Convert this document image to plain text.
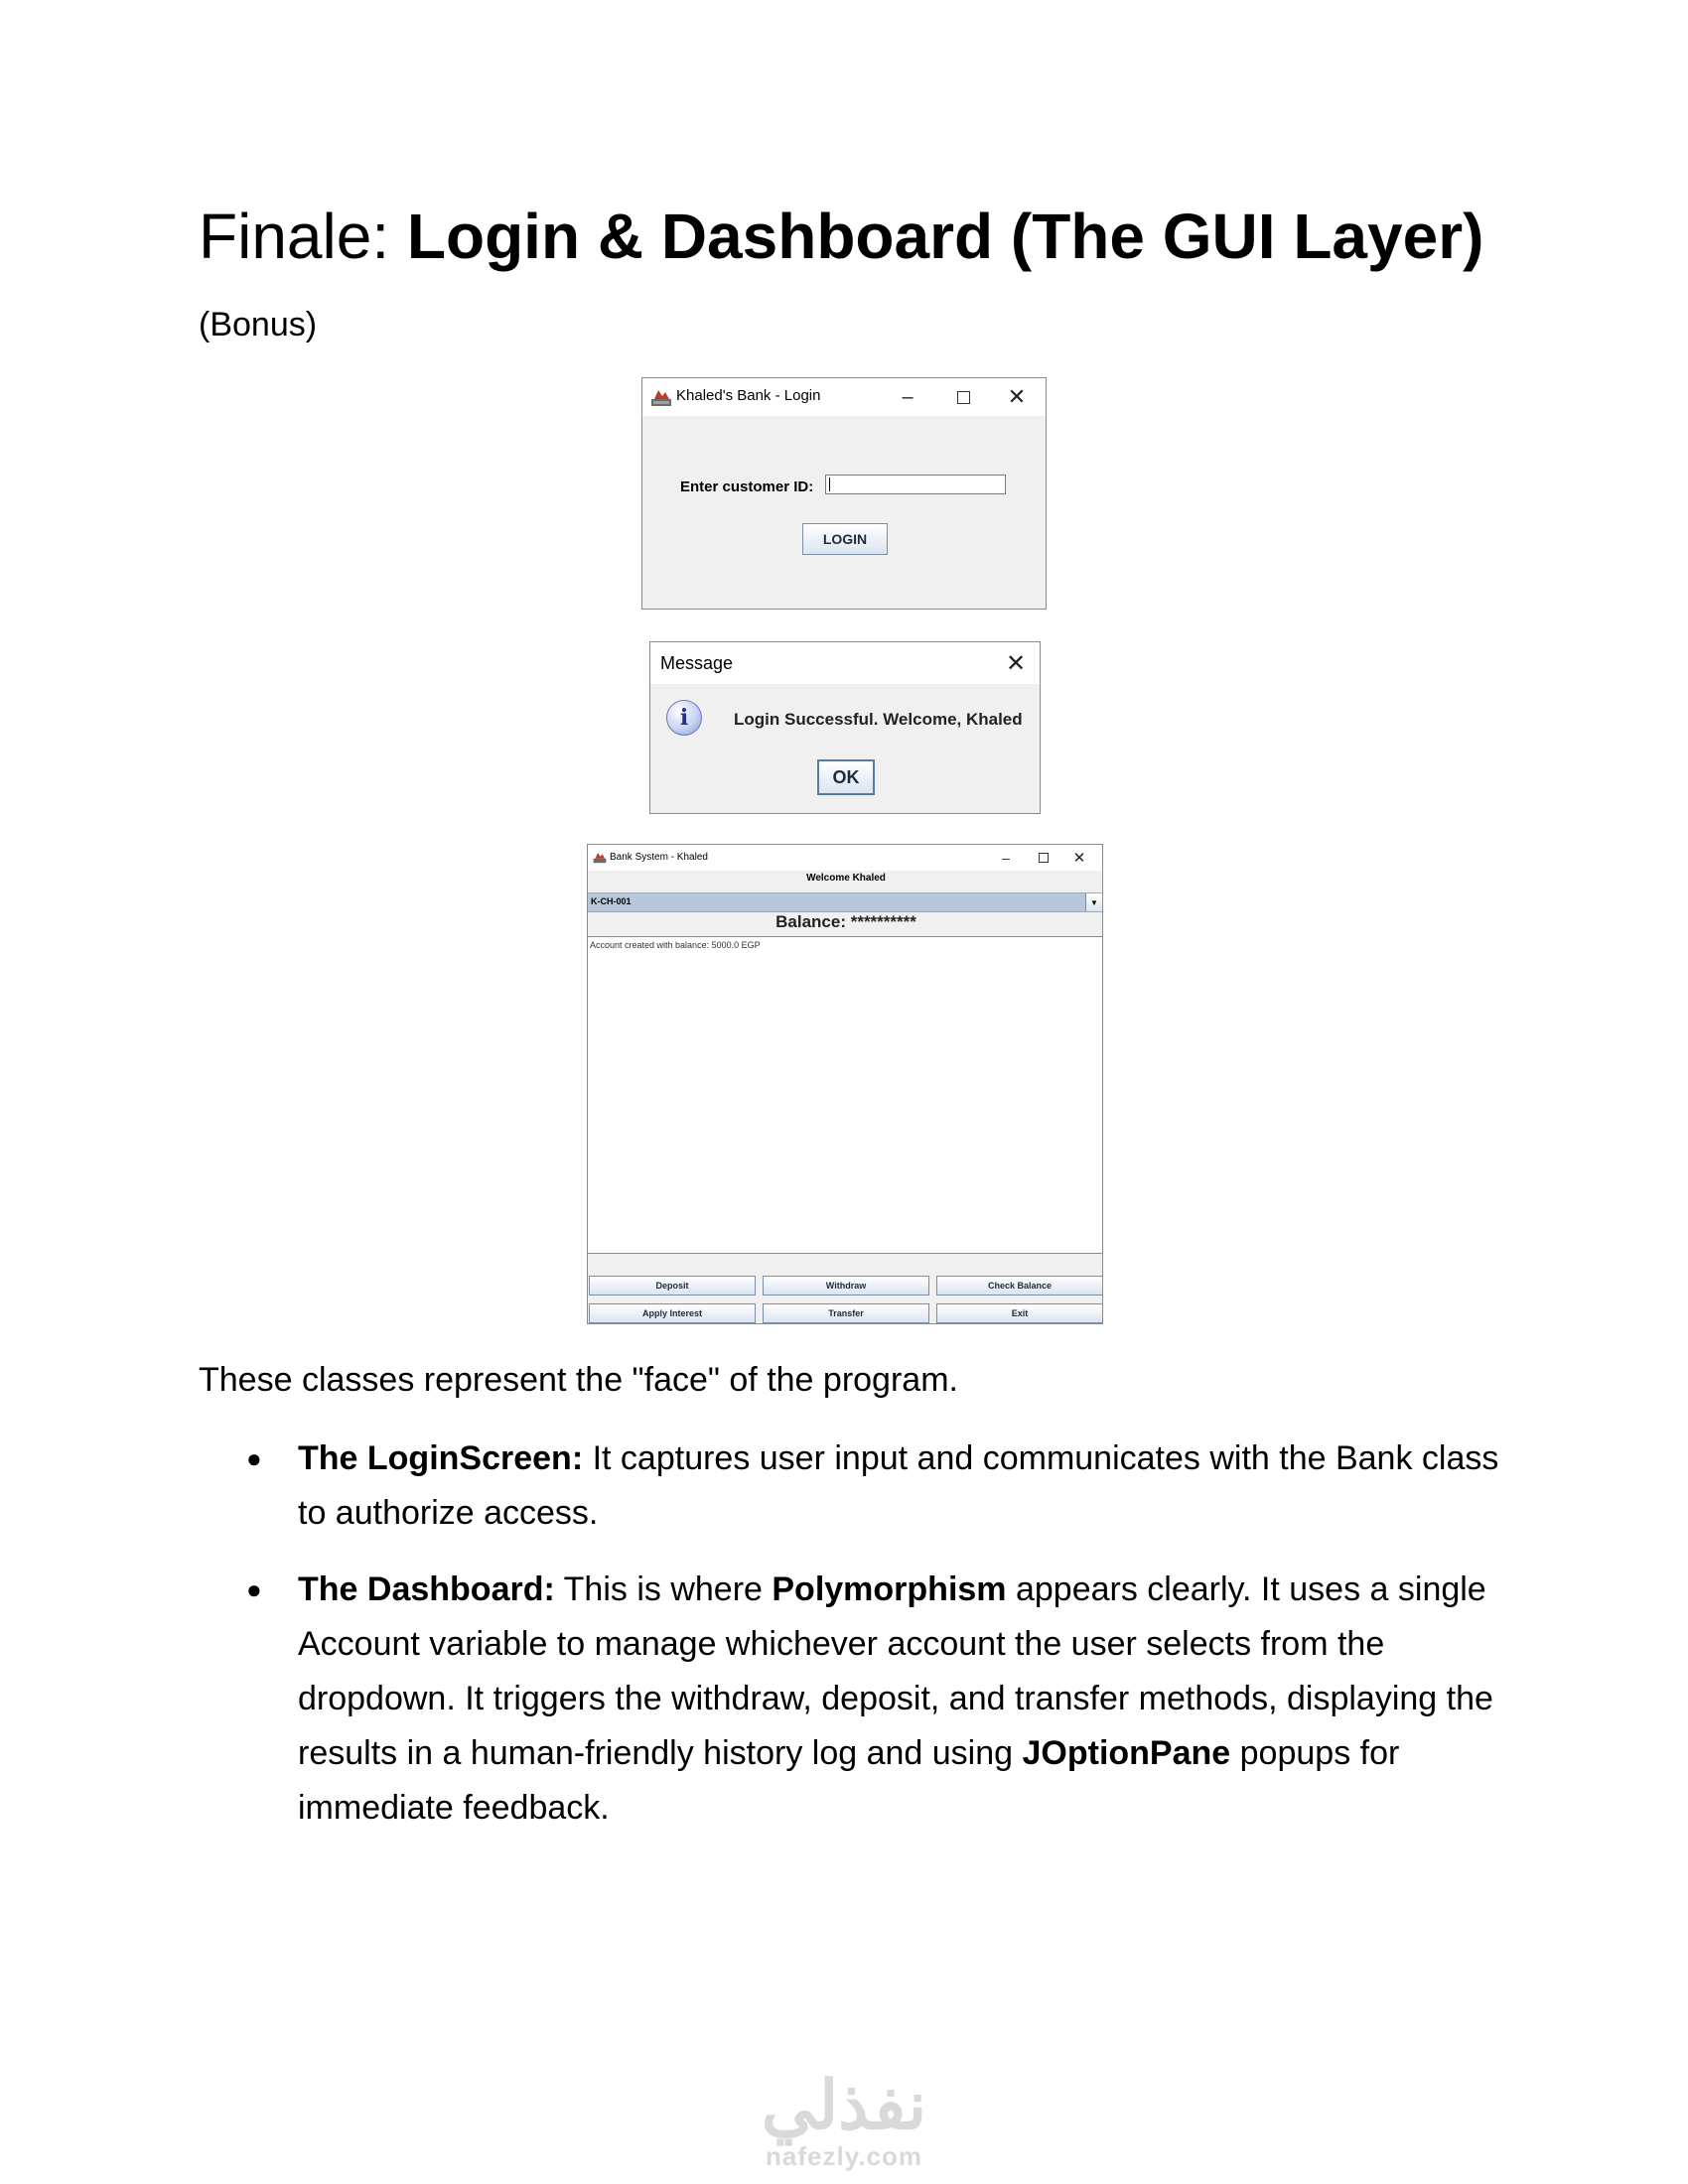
Finale: Login & Dashboard (The GUI Layer)
(Bonus)
Khaled's Bank - Login	–	✕
Enter customer ID:
LOGIN
Message	✕
i	Login Successful. Welcome, Khaled
OK
Bank System - Khaled	–	✕
Welcome Khaled
K-CH-001	▼
Balance: **********
Account created with balance: 5000.0 EGP
Deposit	Withdraw	Check Balance
Apply Interest	Transfer	Exit
These classes represent the "face" of the program.
● The LoginScreen: It captures user input and communicates with the Bank class to authorize access.
● The Dashboard: This is where Polymorphism appears clearly. It uses a single Account variable to manage whichever account the user selects from the dropdown. It triggers the withdraw, deposit, and transfer methods, displaying the results in a human-friendly history log and using JOptionPane popups for immediate feedback.
نفذلي
nafezly.com
